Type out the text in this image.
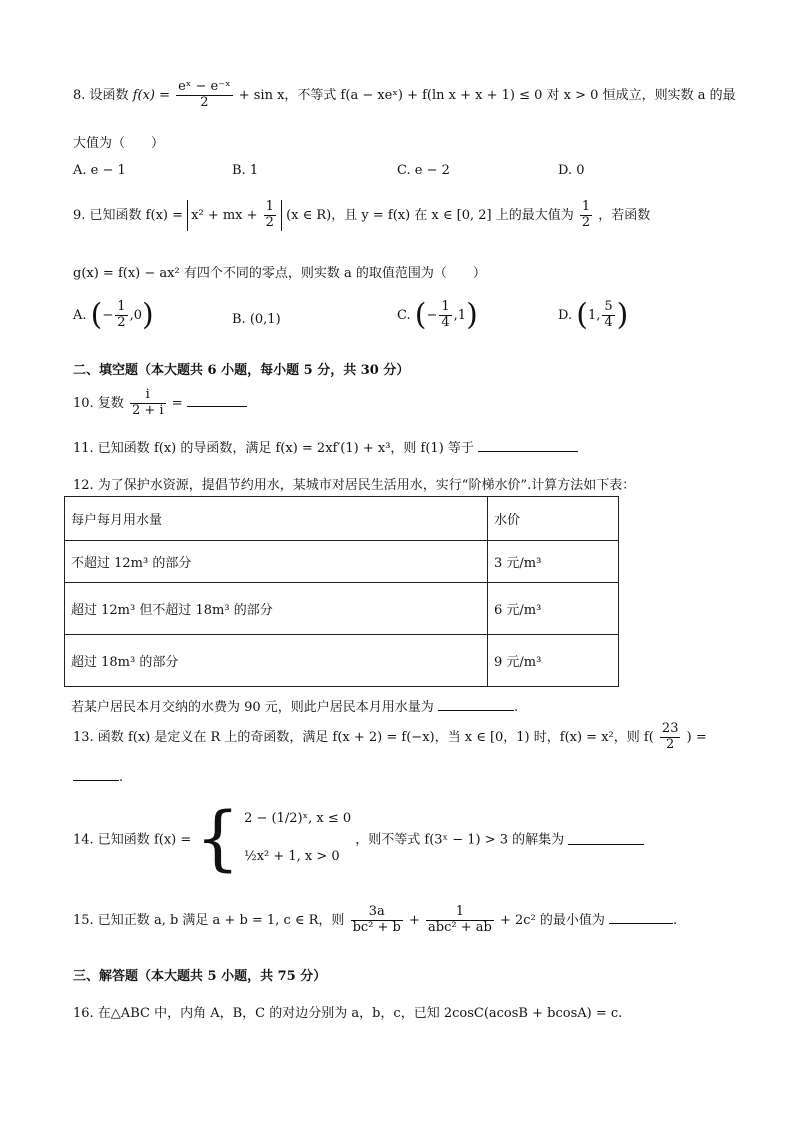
8. 设函数 $f(x) = \frac{\text{eˣ − e⁻ˣ}}{2} + \sin x$，不等式 f(a − xeˣ) + f(ln x + x + 1) ≤ 0 对 x > 0 恒成立，则实数 a 的最
大值为（　　）
A. e − 1	B. 1	C. e − 2	D. 0
9. 已知函数 f(x) = x² + mx + $\frac{1}{2} (x$ ∈ R)，且 y = f(x) 在 x ∈ [0, 2] 上的最大值为 $\frac{1}{2}$ ，若函数
g(x) = f(x) − ax² 有四个不同的零点，则实数 a 的取值范围为（　　）
A. (− $\frac{1}{2} ,0$)	B. (0,1)	C. (− $\frac{1}{4} ,1$)	D. (1, $\frac{5}{4}$ )
二、填空题（本大题共 6 小题，每小题 5 分，共 30 分）
10. 复数 $\frac{i}{2 + i}$ =
11. 已知函数 f(x) 的导函数，满足 f(x) = 2xf′(1) + x³，则 f(1) 等于
12. 为了保护水资源，提倡节约用水，某城市对居民生活用水，实行“阶梯水价”.计算方法如下表：
每户每月用水量	水价
不超过 12m³ 的部分	3 元/m³
超过 12m³ 但不超过 18m³ 的部分	6 元/m³
超过 18m³ 的部分	9 元/m³
若某户居民本月交纳的水费为 90 元，则此户居民本月用水量为	.
13. 函数 f(x) 是定义在 R 上的奇函数，满足 f(x + 2) = f(−x)，当 x ∈ [0，1) 时，f(x) = x²，则 $f( \frac{23}{2}$ ) =
.
14. 已知函数 f(x) = { 2 − (1/2)ˣ, x ≤ 0
½x² + 1, x > 0
，则不等式 f(3ˣ − 1) > 3 的解集为
15. 已知正数 a, b 满足 a + b = 1, c ∈ R，则 $\frac{3a}{\text{bc² + b}} + \frac{1}{\text{abc² + ab}} + 2c^2$ 的最小值为	.
三、解答题（本大题共 5 小题，共 75 分）
16. 在△ABC 中，内角 A，B，C 的对边分别为 a，b，c，已知 2cosC(acosB + bcosA) = c.
